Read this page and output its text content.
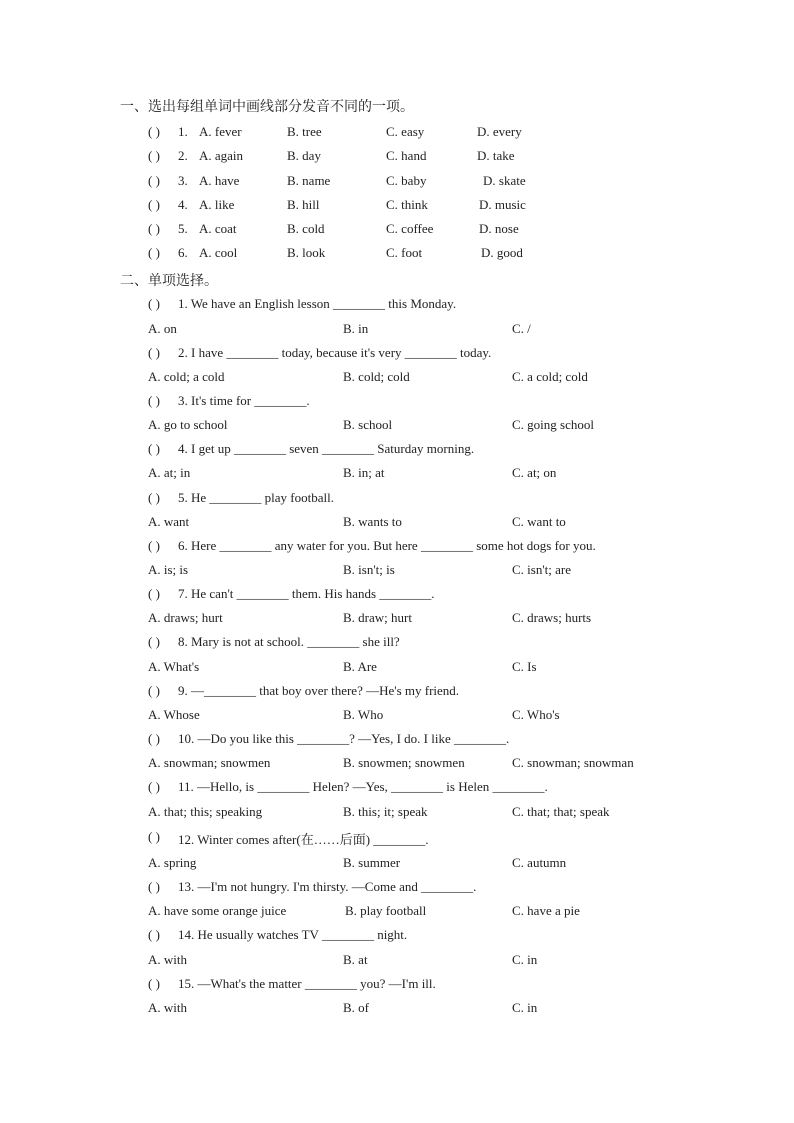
一、选出每组单词中画线部分发音不同的一项。
( ) 1. A. fever	B. tree	C. easy	D. every
( ) 2. A. again	B. day	C. hand	D. take
( ) 3. A. have	B. name	C. baby	D. skate
( ) 4. A. like	B. hill	C. think	D. music
( ) 5. A. coat	B. cold	C. coffee	D. nose
( ) 6. A. cool	B. look	C. foot	D. good
二、单项选择。
( ) 1. We have an English lesson ________ this Monday.
A. on	B. in	C. /
( ) 2. I have ________ today, because it's very ________ today.
A. cold; a cold	B. cold; cold	C. a cold; cold
( ) 3. It's time for ________.
A. go to school	B. school	C. going school
( ) 4. I get up ________ seven ________ Saturday morning.
A. at; in	B. in; at	C. at; on
( ) 5. He ________ play football.
A. want	B. wants to	C. want to
( ) 6. Here ________ any water for you. But here ________ some hot dogs for you.
A. is; is	B. isn't; is	C. isn't; are
( ) 7. He can't ________ them. His hands ________.
A. draws; hurt	B. draw; hurt	C. draws; hurts
( ) 8. Mary is not at school. ________ she ill?
A. What's	B. Are	C. Is
( ) 9. —________ that boy over there? —He's my friend.
A. Whose	B. Who	C. Who's
( ) 10. —Do you like this ________? —Yes, I do. I like ________.
A. snowman; snowmen	B. snowmen; snowmen	C. snowman; snowman
( ) 11. —Hello, is ________ Helen? —Yes, ________ is Helen ________.
A. that; this; speaking	B. this; it; speak	C. that; that; speak
( ) 12. Winter comes after(在……后面) ________.
A. spring	B. summer	C. autumn
( ) 13. —I'm not hungry. I'm thirsty. —Come and ________.
A. have some orange juice	B. play football	C. have a pie
( ) 14. He usually watches TV ________ night.
A. with	B. at	C. in
( ) 15. —What's the matter ________ you? —I'm ill.
A. with	B. of	C. in
